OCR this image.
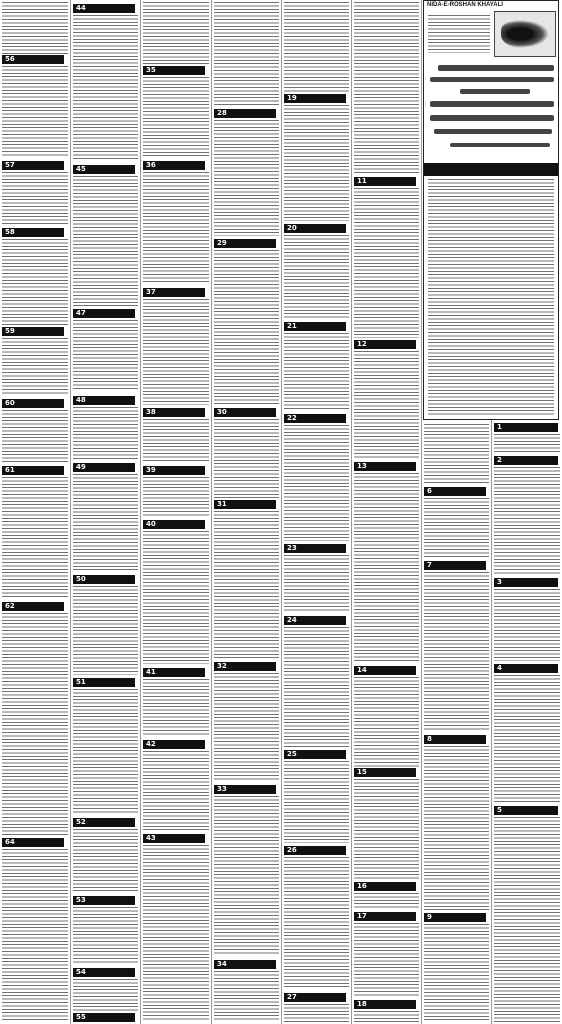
56
57
58
59
60
61
62
64
44
45
47
48
49
50
51
52
53
54
55
35
36
37
38
39
40
41
42
43
28
29
30
31
32
33
34
19
20
21
22
23
24
25
26
27
11
12
13
14
15
16
17
18
NIDA-E-ROSHAN KHAYALI
6
7
8
9
1
2
3
4
5
